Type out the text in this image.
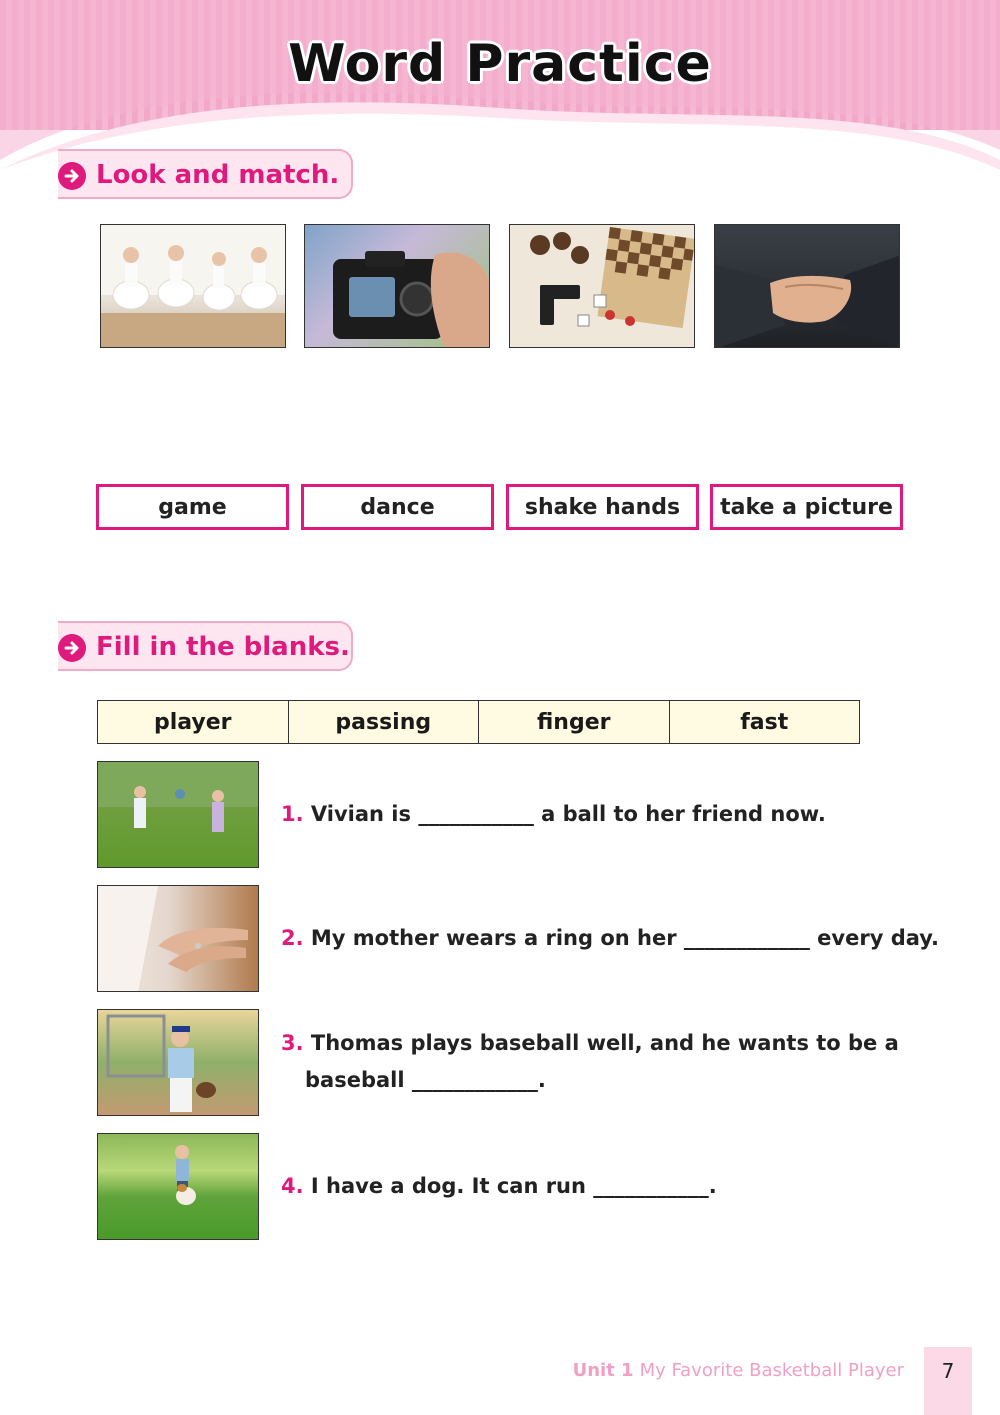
Word Practice
Look and match.
game	dance	shake hands	take a picture
Fill in the blanks.
player	passing	finger	fast
1. Vivian is ___________ a ball to her friend now.
2. My mother wears a ring on her ____________ every day.
3. Thomas plays baseball well, and he wants to be a
baseball ____________.
4. I have a dog. It can run ___________.
Unit 1 My Favorite Basketball Player	7
